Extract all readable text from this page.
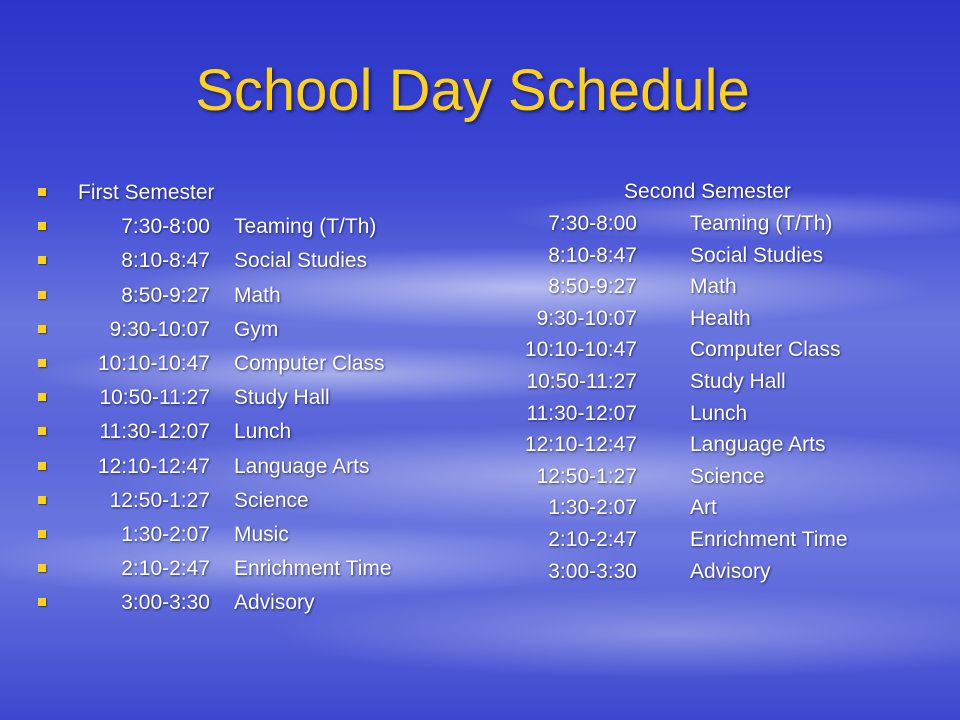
School Day Schedule
First Semester
7:30-8:00 Teaming (T/Th)
8:10-8:47 Social Studies
8:50-9:27 Math
9:30-10:07 Gym
10:10-10:47 Computer Class
10:50-11:27 Study Hall
11:30-12:07 Lunch
12:10-12:47 Language Arts
12:50-1:27 Science
1:30-2:07 Music
2:10-2:47 Enrichment Time
3:00-3:30 Advisory
Second Semester
7:30-8:00	Teaming (T/Th)
8:10-8:47	Social Studies
8:50-9:27	Math
9:30-10:07	Health
10:10-10:47	Computer Class
10:50-11:27	Study Hall
11:30-12:07	Lunch
12:10-12:47	Language Arts
12:50-1:27	Science
1:30-2:07	Art
2:10-2:47	Enrichment Time
3:00-3:30	Advisory
